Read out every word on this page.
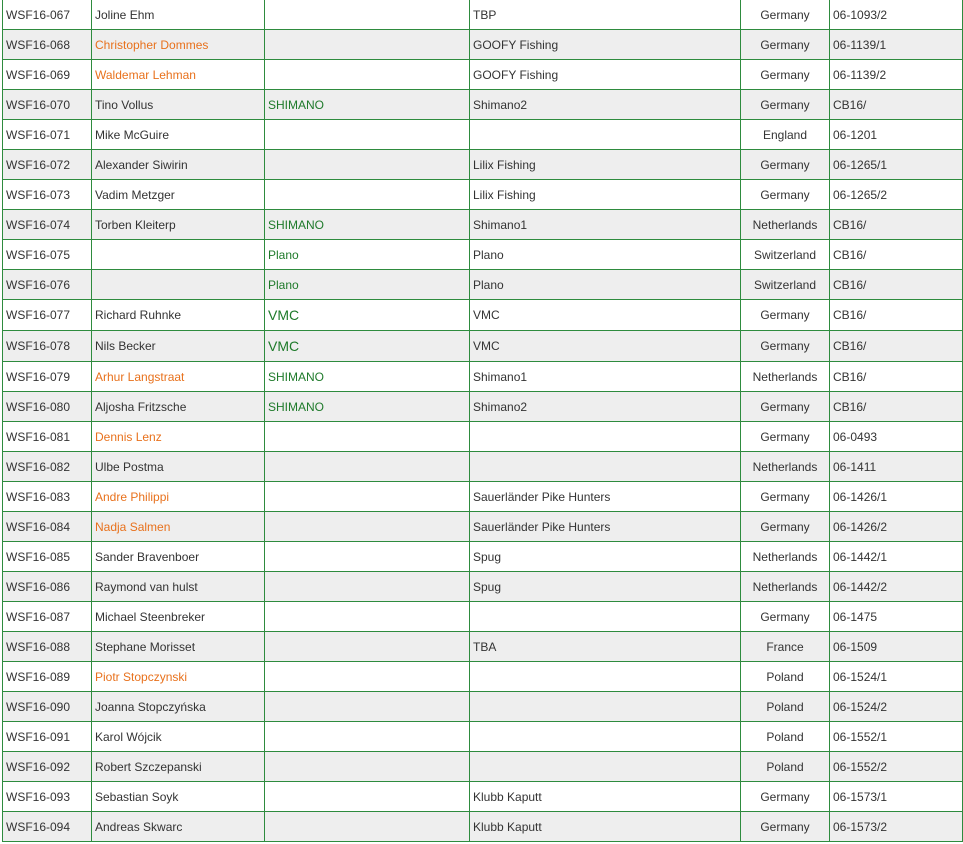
WSF16-067	Joline Ehm		TBP	Germany	06-1093/2
WSF16-068	Christopher Dommes		GOOFY Fishing	Germany	06-1139/1
WSF16-069	Waldemar Lehman		GOOFY Fishing	Germany	06-1139/2
WSF16-070	Tino Vollus	SHIMANO	Shimano2	Germany	CB16/
WSF16-071	Mike McGuire			England	06-1201
WSF16-072	Alexander Siwirin		Lilix Fishing	Germany	06-1265/1
WSF16-073	Vadim Metzger		Lilix Fishing	Germany	06-1265/2
WSF16-074	Torben Kleiterp	SHIMANO	Shimano1	Netherlands	CB16/
WSF16-075		Plano	Plano	Switzerland	CB16/
WSF16-076		Plano	Plano	Switzerland	CB16/
WSF16-077	Richard Ruhnke	VMC	VMC	Germany	CB16/
WSF16-078	Nils Becker	VMC	VMC	Germany	CB16/
WSF16-079	Arhur Langstraat	SHIMANO	Shimano1	Netherlands	CB16/
WSF16-080	Aljosha Fritzsche	SHIMANO	Shimano2	Germany	CB16/
WSF16-081	Dennis Lenz			Germany	06-0493
WSF16-082	Ulbe Postma			Netherlands	06-1411
WSF16-083	Andre Philippi		Sauerländer Pike Hunters	Germany	06-1426/1
WSF16-084	Nadja Salmen		Sauerländer Pike Hunters	Germany	06-1426/2
WSF16-085	Sander Bravenboer		Spug	Netherlands	06-1442/1
WSF16-086	Raymond van hulst		Spug	Netherlands	06-1442/2
WSF16-087	Michael Steenbreker			Germany	06-1475
WSF16-088	Stephane Morisset		TBA	France	06-1509
WSF16-089	Piotr Stopczynski			Poland	06-1524/1
WSF16-090	Joanna Stopczyńska			Poland	06-1524/2
WSF16-091	Karol Wójcik			Poland	06-1552/1
WSF16-092	Robert Szczepanski			Poland	06-1552/2
WSF16-093	Sebastian Soyk		Klubb Kaputt	Germany	06-1573/1
WSF16-094	Andreas Skwarc		Klubb Kaputt	Germany	06-1573/2
